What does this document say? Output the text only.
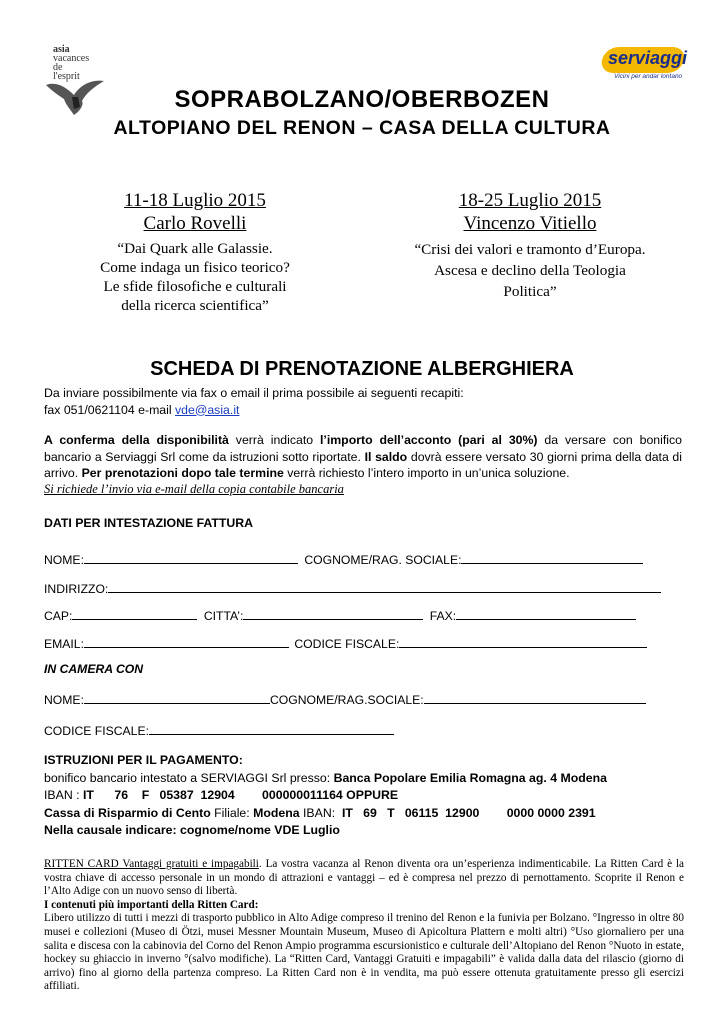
asia
vacances
de
l'esprit
serviaggi
Vicini per andar lontano
SOPRABOLZANO/OBERBOZEN
ALTOPIANO DEL RENON – CASA DELLA CULTURA
11-18 Luglio 2015
Carlo Rovelli
“Dai Quark alle Galassie.
Come indaga un fisico teorico?
Le sfide filosofiche e culturali
della ricerca scientifica”
18-25 Luglio 2015
Vincenzo Vitiello
“Crisi dei valori e tramonto d’Europa.
Ascesa e declino della Teologia
Politica”
SCHEDA DI PRENOTAZIONE ALBERGHIERA
Da inviare possibilmente via fax o email il prima possibile ai seguenti recapiti:
fax 051/0621104 e-mail vde@asia.it
A conferma della disponibilità verrà indicato l’importo dell’acconto (pari al 30%) da versare con bonifico bancario a Serviaggi Srl come da istruzioni sotto riportate. Il saldo dovrà essere versato 30 giorni prima della data di arrivo. Per prenotazioni dopo tale termine verrà richiesto l’intero importo in un’unica soluzione.
Si richiede l’invio via e-mail della copia contabile bancaria
DATI PER INTESTAZIONE FATTURA
NOME:	COGNOME/RAG. SOCIALE:
INDIRIZZO:
CAP:	CITTA’:	FAX:
EMAIL:	CODICE FISCALE:
IN CAMERA CON
NOME:	COGNOME/RAG.SOCIALE:
CODICE FISCALE:
ISTRUZIONI PER IL PAGAMENTO:
bonifico bancario intestato a SERVIAGGI Srl presso: Banca Popolare Emilia Romagna ag. 4 Modena
IBAN : IT      76    F   05387  12904        000000011164 OPPURE
Cassa di Risparmio di Cento Filiale: Modena IBAN:  IT   69   T   06115  12900        0000 0000 2391
Nella causale indicare: cognome/nome VDE Luglio
RITTEN CARD Vantaggi gratuiti e impagabili. La vostra vacanza al Renon diventa ora un’esperienza indimenticabile. La Ritten Card è la vostra chiave di accesso personale in un mondo di attrazioni e vantaggi – ed è compresa nel prezzo di pernottamento. Scoprite il Renon e l’Alto Adige con un nuovo senso di libertà.
I contenuti più importanti della Ritten Card:
Libero utilizzo di tutti i mezzi di trasporto pubblico in Alto Adige compreso il trenino del Renon e la funivia per Bolzano. °Ingresso in oltre 80 musei e collezioni (Museo di Ötzi, musei Messner Mountain Museum, Museo di Apicoltura Plattern e molti altri) °Uso giornaliero per una salita e discesa con la cabinovia del Corno del Renon Ampio programma escursionistico e culturale dell’Altopiano del Renon °Nuoto in estate, hockey su ghiaccio in inverno °(salvo modifiche). La “Ritten Card, Vantaggi Gratuiti e impagabili” è valida dalla data del rilascio (giorno di arrivo) fino al giorno della partenza compreso. La Ritten Card non è in vendita, ma può essere ottenuta gratuitamente presso gli esercizi affiliati.
